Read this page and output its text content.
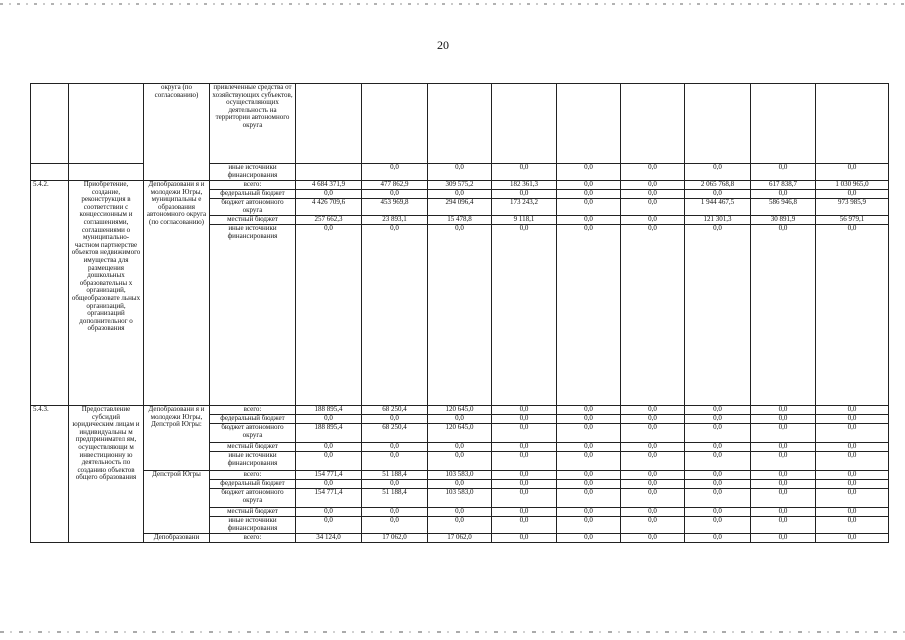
20
		округа (по согласованию)	привлеченные средства от хозяйствующих субъектов, осуществляющих деятельность на территории автономного округа									
			иные источники финансирования		0,0	0,0	0,0	0,0	0,0	0,0	0,0	0,0
5.4.2.	Приобретение, создание, реконструкция в соответствии с концессионным и соглашениями, соглашениями о муниципально-частном партнерстве объектов недвижимого имущества для размещения дошкольных образовательны х организаций, общеобразовате льных организаций, организаций дополнительног о образования	Депобразовани я и молодежи Югры, муниципальны е образования автономного округа (по согласованию)	всего:	4 684 371,9	477 862,9	309 575,2	182 361,3	0,0	0,0	2 065 768,8	617 838,7	1 030 965,0
			федеральный бюджет	0,0	0,0	0,0	0,0	0,0	0,0	0,0	0,0	0,0
			бюджет автономного округа	4 426 709,6	453 969,8	294 096,4	173 243,2	0,0	0,0	1 944 467,5	586 946,8	973 985,9
			местный бюджет	257 662,3	23 893,1	15 478,8	9 118,1	0,0	0,0	121 301,3	30 891,9	56 979,1
			иные источники финансирования	0,0	0,0	0,0	0,0	0,0	0,0	0,0	0,0	0,0
5.4.3.	Предоставление субсидий юридическим лицам и индивидуальны м предпринимател ям, осуществляющи м инвестиционну ю деятельность по созданию объектов общего образования	Депобразовани я и молодежи Югры, Депстрой Югры:	всего:	188 895,4	68 250,4	120 645,0	0,0	0,0	0,0	0,0	0,0	0,0
			федеральный бюджет	0,0	0,0	0,0	0,0	0,0	0,0	0,0	0,0	0,0
			бюджет автономного округа	188 895,4	68 250,4	120 645,0	0,0	0,0	0,0	0,0	0,0	0,0
			местный бюджет	0,0	0,0	0,0	0,0	0,0	0,0	0,0	0,0	0,0
			иные источники финансирования	0,0	0,0	0,0	0,0	0,0	0,0	0,0	0,0	0,0
		Депстрой Югры	всего:	154 771,4	51 188,4	103 583,0	0,0	0,0	0,0	0,0	0,0	0,0
			федеральный бюджет	0,0	0,0	0,0	0,0	0,0	0,0	0,0	0,0	0,0
			бюджет автономного округа	154 771,4	51 188,4	103 583,0	0,0	0,0	0,0	0,0	0,0	0,0
			местный бюджет	0,0	0,0	0,0	0,0	0,0	0,0	0,0	0,0	0,0
			иные источники финансирования	0,0	0,0	0,0	0,0	0,0	0,0	0,0	0,0	0,0
		Депобразовани	всего:	34 124,0	17 062,0	17 062,0	0,0	0,0	0,0	0,0	0,0	0,0
